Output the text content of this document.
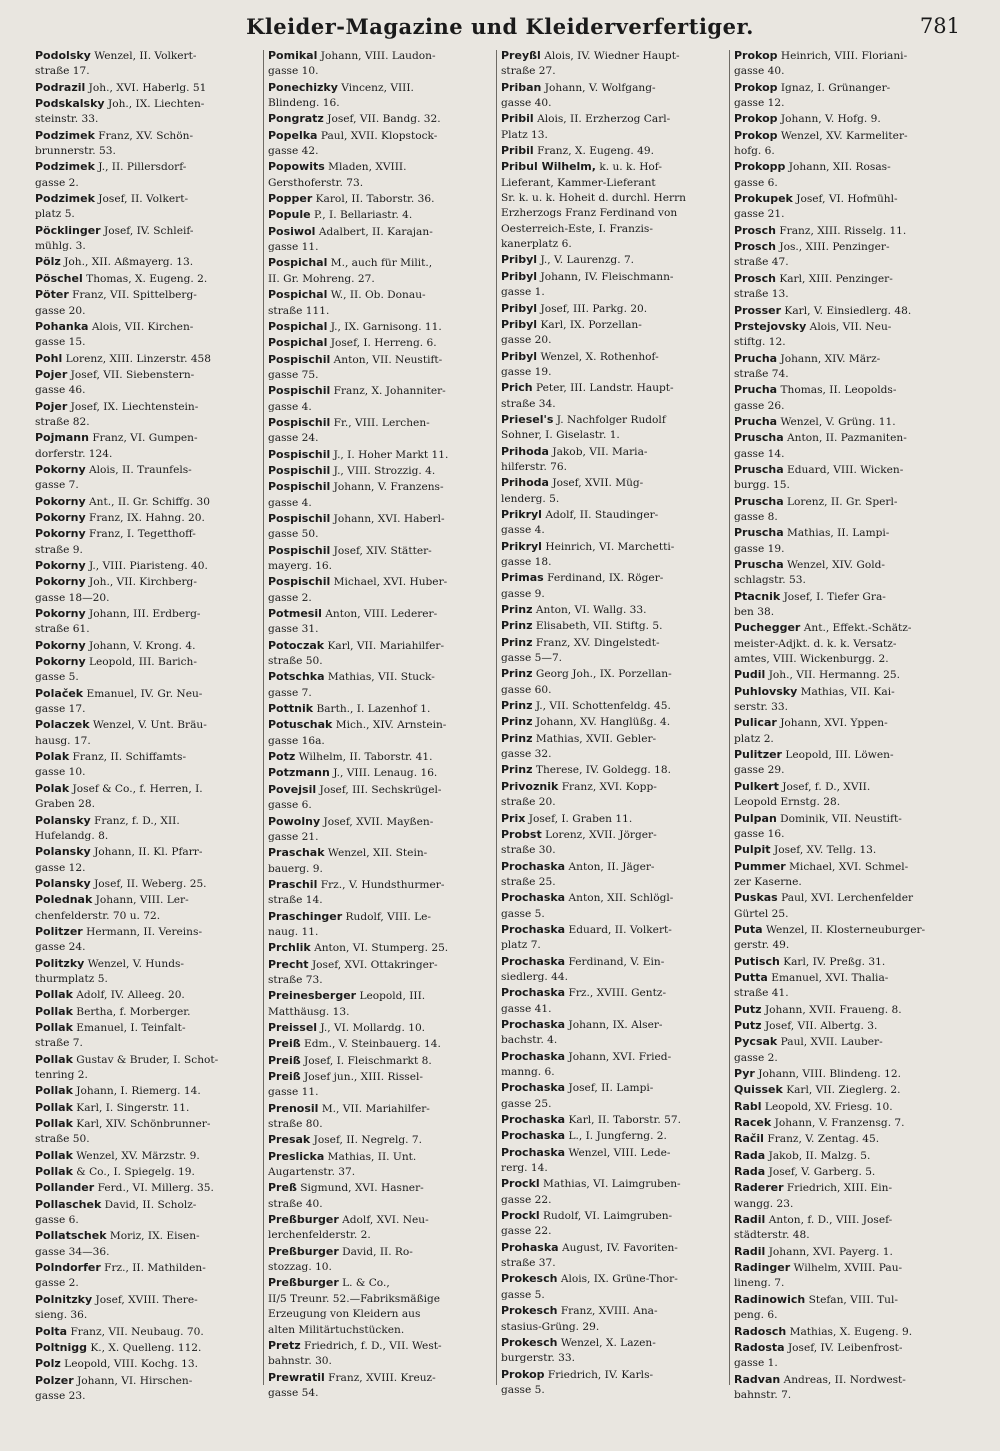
Kleider-Magazine und Kleiderverfertiger.	781
Podolsky Wenzel, II. Volkert-
straße 17.
Podrazil Joh., XVI. Haberlg. 51
Podskalsky Joh., IX. Liechten-
steinstr. 33.
Podzimek Franz, XV. Schön-
brunnerstr. 53.
Podzimek J., II. Pillersdorf-
gasse 2.
Podzimek Josef, II. Volkert-
platz 5.
Pöcklinger Josef, IV. Schleif-
mühlg. 3.
Pölz Joh., XII. Aßmayerg. 13.
Pöschel Thomas, X. Eugeng. 2.
Pöter Franz, VII. Spittelberg-
gasse 20.
Pohanka Alois, VII. Kirchen-
gasse 15.
Pohl Lorenz, XIII. Linzerstr. 458
Pojer Josef, VII. Siebenstern-
gasse 46.
Pojer Josef, IX. Liechtenstein-
straße 82.
Pojmann Franz, VI. Gumpen-
dorferstr. 124.
Pokorny Alois, II. Traunfels-
gasse 7.
Pokorny Ant., II. Gr. Schiffg. 30
Pokorny Franz, IX. Hahng. 20.
Pokorny Franz, I. Tegetthoff-
straße 9.
Pokorny J., VIII. Piaristeng. 40.
Pokorny Joh., VII. Kirchberg-
gasse 18—20.
Pokorny Johann, III. Erdberg-
straße 61.
Pokorny Johann, V. Krong. 4.
Pokorny Leopold, III. Barich-
gasse 5.
Polaček Emanuel, IV. Gr. Neu-
gasse 17.
Polaczek Wenzel, V. Unt. Bräu-
hausg. 17.
Polak Franz, II. Schiffamts-
gasse 10.
Polak Josef & Co., f. Herren, I.
Graben 28.
Polansky Franz, f. D., XII.
Hufelandg. 8.
Polansky Johann, II. Kl. Pfarr-
gasse 12.
Polansky Josef, II. Weberg. 25.
Polednak Johann, VIII. Ler-
chenfelderstr. 70 u. 72.
Politzer Hermann, II. Vereins-
gasse 24.
Politzky Wenzel, V. Hunds-
thurmplatz 5.
Pollak Adolf, IV. Alleeg. 20.
Pollak Bertha, f. Morberger.
Pollak Emanuel, I. Teinfalt-
straße 7.
Pollak Gustav & Bruder, I. Schot-
tenring 2.
Pollak Johann, I. Riemerg. 14.
Pollak Karl, I. Singerstr. 11.
Pollak Karl, XIV. Schönbrunner-
straße 50.
Pollak Wenzel, XV. Märzstr. 9.
Pollak & Co., I. Spiegelg. 19.
Pollander Ferd., VI. Millerg. 35.
Pollaschek David, II. Scholz-
gasse 6.
Pollatschek Moriz, IX. Eisen-
gasse 34—36.
Polndorfer Frz., II. Mathilden-
gasse 2.
Polnitzky Josef, XVIII. There-
sieng. 36.
Polta Franz, VII. Neubaug. 70.
Poltnigg K., X. Quelleng. 112.
Polz Leopold, VIII. Kochg. 13.
Polzer Johann, VI. Hirschen-
gasse 23.
Pomikal Johann, VIII. Laudon-
gasse 10.
Ponechizky Vincenz, VIII.
Blindeng. 16.
Pongratz Josef, VII. Bandg. 32.
Popelka Paul, XVII. Klopstock-
gasse 42.
Popowits Mladen, XVIII.
Gersthoferstr. 73.
Popper Karol, II. Taborstr. 36.
Popule P., I. Bellariastr. 4.
Posiwol Adalbert, II. Karajan-
gasse 11.
Pospichal M., auch für Milit.,
II. Gr. Mohreng. 27.
Pospichal W., II. Ob. Donau-
straße 111.
Pospichal J., IX. Garnisong. 11.
Pospichal Josef, I. Herreng. 6.
Pospischil Anton, VII. Neustift-
gasse 75.
Pospischil Franz, X. Johanniter-
gasse 4.
Pospischil Fr., VIII. Lerchen-
gasse 24.
Pospischil J., I. Hoher Markt 11.
Pospischil J., VIII. Strozzig. 4.
Pospischil Johann, V. Franzens-
gasse 4.
Pospischil Johann, XVI. Haberl-
gasse 50.
Pospischil Josef, XIV. Stätter-
mayerg. 16.
Pospischil Michael, XVI. Huber-
gasse 2.
Potmesil Anton, VIII. Lederer-
gasse 31.
Potoczak Karl, VII. Mariahilfer-
straße 50.
Potschka Mathias, VII. Stuck-
gasse 7.
Pottnik Barth., I. Lazenhof 1.
Potuschak Mich., XIV. Arnstein-
gasse 16a.
Potz Wilhelm, II. Taborstr. 41.
Potzmann J., VIII. Lenaug. 16.
Povejsil Josef, III. Sechskrügel-
gasse 6.
Powolny Josef, XVII. Mayßen-
gasse 21.
Praschak Wenzel, XII. Stein-
bauerg. 9.
Praschil Frz., V. Hundsthurmer-
straße 14.
Praschinger Rudolf, VIII. Le-
naug. 11.
Prchlik Anton, VI. Stumperg. 25.
Precht Josef, XVI. Ottakringer-
straße 73.
Preinesberger Leopold, III.
Matthäusg. 13.
Preissel J., VI. Mollardg. 10.
Preiß Edm., V. Steinbauerg. 14.
Preiß Josef, I. Fleischmarkt 8.
Preiß Josef jun., XIII. Rissel-
gasse 11.
Prenosil M., VII. Mariahilfer-
straße 80.
Presak Josef, II. Negrelg. 7.
Preslicka Mathias, II. Unt.
Augartenstr. 37.
Preß Sigmund, XVI. Hasner-
straße 40.
Preßburger Adolf, XVI. Neu-
lerchenfelderstr. 2.
Preßburger David, II. Ro-
stozzag. 10.
Preßburger L. & Co.,
II/5 Treunr. 52.—Fabriksmäßige
Erzeugung von Kleidern aus
alten Militärtuchstücken.
Pretz Friedrich, f. D., VII. West-
bahnstr. 30.
Prewratil Franz, XVIII. Kreuz-
gasse 54.
Preyßl Alois, IV. Wiedner Haupt-
straße 27.
Priban Johann, V. Wolfgang-
gasse 40.
Pribil Alois, II. Erzherzog Carl-
Platz 13.
Pribil Franz, X. Eugeng. 49.
Pribul Wilhelm, k. u. k. Hof-
Lieferant, Kammer-Lieferant
Sr. k. u. k. Hoheit d. durchl. Herrn
Erzherzogs Franz Ferdinand von
Oesterreich-Este, I. Franzis-
kanerplatz 6.
Pribyl J., V. Laurenzg. 7.
Pribyl Johann, IV. Fleischmann-
gasse 1.
Pribyl Josef, III. Parkg. 20.
Pribyl Karl, IX. Porzellan-
gasse 20.
Pribyl Wenzel, X. Rothenhof-
gasse 19.
Prich Peter, III. Landstr. Haupt-
straße 34.
Priesel's J. Nachfolger Rudolf
Sohner, I. Giselastr. 1.
Prihoda Jakob, VII. Maria-
hilferstr. 76.
Prihoda Josef, XVII. Müg-
lenderg. 5.
Prikryl Adolf, II. Staudinger-
gasse 4.
Prikryl Heinrich, VI. Marchetti-
gasse 18.
Primas Ferdinand, IX. Röger-
gasse 9.
Prinz Anton, VI. Wallg. 33.
Prinz Elisabeth, VII. Stiftg. 5.
Prinz Franz, XV. Dingelstedt-
gasse 5—7.
Prinz Georg Joh., IX. Porzellan-
gasse 60.
Prinz J., VII. Schottenfeldg. 45.
Prinz Johann, XV. Hanglüßg. 4.
Prinz Mathias, XVII. Gebler-
gasse 32.
Prinz Therese, IV. Goldegg. 18.
Privoznik Franz, XVI. Kopp-
straße 20.
Prix Josef, I. Graben 11.
Probst Lorenz, XVII. Jörger-
straße 30.
Prochaska Anton, II. Jäger-
straße 25.
Prochaska Anton, XII. Schlögl-
gasse 5.
Prochaska Eduard, II. Volkert-
platz 7.
Prochaska Ferdinand, V. Ein-
siedlerg. 44.
Prochaska Frz., XVIII. Gentz-
gasse 41.
Prochaska Johann, IX. Alser-
bachstr. 4.
Prochaska Johann, XVI. Fried-
manng. 6.
Prochaska Josef, II. Lampi-
gasse 25.
Prochaska Karl, II. Taborstr. 57.
Prochaska L., I. Jungferng. 2.
Prochaska Wenzel, VIII. Lede-
rerg. 14.
Prockl Mathias, VI. Laimgruben-
gasse 22.
Prockl Rudolf, VI. Laimgruben-
gasse 22.
Prohaska August, IV. Favoriten-
straße 37.
Prokesch Alois, IX. Grüne-Thor-
gasse 5.
Prokesch Franz, XVIII. Ana-
stasius-Grüng. 29.
Prokesch Wenzel, X. Lazen-
burgerstr. 33.
Prokop Friedrich, IV. Karls-
gasse 5.
Prokop Heinrich, VIII. Floriani-
gasse 40.
Prokop Ignaz, I. Grünanger-
gasse 12.
Prokop Johann, V. Hofg. 9.
Prokop Wenzel, XV. Karmeliter-
hofg. 6.
Prokopp Johann, XII. Rosas-
gasse 6.
Prokupek Josef, VI. Hofmühl-
gasse 21.
Prosch Franz, XIII. Risselg. 11.
Prosch Jos., XIII. Penzinger-
straße 47.
Prosch Karl, XIII. Penzinger-
straße 13.
Prosser Karl, V. Einsiedlerg. 48.
Prstejovsky Alois, VII. Neu-
stiftg. 12.
Prucha Johann, XIV. März-
straße 74.
Prucha Thomas, II. Leopolds-
gasse 26.
Prucha Wenzel, V. Grüng. 11.
Pruscha Anton, II. Pazmaniten-
gasse 14.
Pruscha Eduard, VIII. Wicken-
burgg. 15.
Pruscha Lorenz, II. Gr. Sperl-
gasse 8.
Pruscha Mathias, II. Lampi-
gasse 19.
Pruscha Wenzel, XIV. Gold-
schlagstr. 53.
Ptacnik Josef, I. Tiefer Gra-
ben 38.
Puchegger Ant., Effekt.-Schätz-
meister-Adjkt. d. k. k. Versatz-
amtes, VIII. Wickenburgg. 2.
Pudil Joh., VII. Hermanng. 25.
Puhlovsky Mathias, VII. Kai-
serstr. 33.
Pulicar Johann, XVI. Yppen-
platz 2.
Pulitzer Leopold, III. Löwen-
gasse 29.
Pulkert Josef, f. D., XVII.
Leopold Ernstg. 28.
Pulpan Dominik, VII. Neustift-
gasse 16.
Pulpit Josef, XV. Tellg. 13.
Pummer Michael, XVI. Schmel-
zer Kaserne.
Puskas Paul, XVI. Lerchenfelder
Gürtel 25.
Puta Wenzel, II. Klosterneuburger-
gerstr. 49.
Putisch Karl, IV. Preßg. 31.
Putta Emanuel, XVI. Thalia-
straße 41.
Putz Johann, XVII. Fraueng. 8.
Putz Josef, VII. Albertg. 3.
Pycsak Paul, XVII. Lauber-
gasse 2.
Pyr Johann, VIII. Blindeng. 12.
Quissek Karl, VII. Zieglerg. 2.
Rabl Leopold, XV. Friesg. 10.
Racek Johann, V. Franzensg. 7.
Račil Franz, V. Zentag. 45.
Rada Jakob, II. Malzg. 5.
Rada Josef, V. Garberg. 5.
Raderer Friedrich, XIII. Ein-
wangg. 23.
Radil Anton, f. D., VIII. Josef-
städterstr. 48.
Radil Johann, XVI. Payerg. 1.
Radinger Wilhelm, XVIII. Pau-
lineng. 7.
Radinowich Stefan, VIII. Tul-
peng. 6.
Radosch Mathias, X. Eugeng. 9.
Radosta Josef, IV. Leibenfrost-
gasse 1.
Radvan Andreas, II. Nordwest-
bahnstr. 7.
